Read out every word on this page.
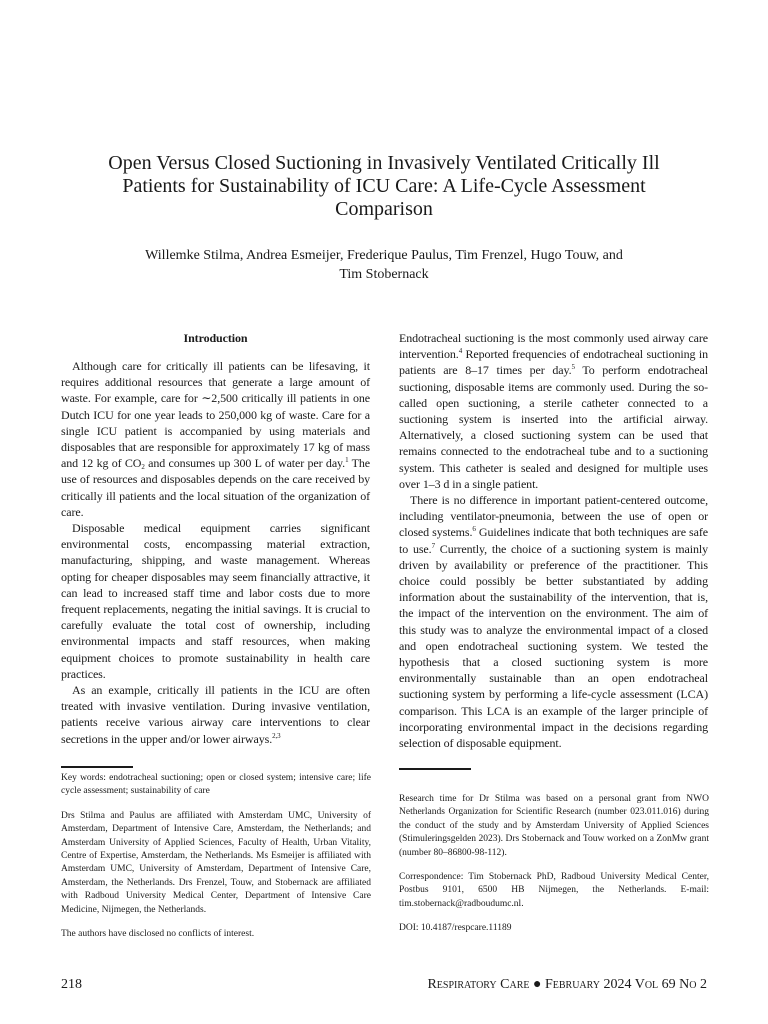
Open Versus Closed Suctioning in Invasively Ventilated Critically Ill
Patients for Sustainability of ICU Care: A Life-Cycle Assessment
Comparison
Willemke Stilma, Andrea Esmeijer, Frederique Paulus, Tim Frenzel, Hugo Touw, and
Tim Stobernack
Introduction

Although care for critically ill patients can be lifesaving, it requires additional resources that generate a large amount of waste. For example, care for ∼2,500 critically ill patients in one Dutch ICU for one year leads to 250,000 kg of waste. Care for a single ICU patient is accompanied by using materials and disposables that are responsible for approximately 17 kg of mass and 12 kg of $CO_2$ and consumes up 300 L of water per day.$^1$ The use of resources and disposables depends on the care received by critically ill patients and the local situation of the organization of care.

Disposable medical equipment carries significant environmental costs, encompassing material extraction, manufacturing, shipping, and waste management. Whereas opting for cheaper disposables may seem financially attractive, it can lead to increased staff time and labor costs due to more frequent replacements, negating the initial savings. It is crucial to carefully evaluate the total cost of ownership, including environmental impacts and staff resources, when making equipment choices to promote sustainability in health care practices.

As an example, critically ill patients in the ICU are often treated with invasive ventilation. During invasive ventilation, patients receive various airway care interventions to clear secretions in the upper and/or lower airways.$^{2,3}$

Endotracheal suctioning is the most commonly used airway care intervention.$^4$ Reported frequencies of endotracheal suctioning in patients are 8–17 times per day.$^5$ To perform endotracheal suctioning, disposable items are commonly used. During the so-called open suctioning, a sterile catheter connected to a suctioning system is inserted into the artificial airway. Alternatively, a closed suctioning system can be used that remains connected to the endotracheal tube and to a suctioning system. This catheter is sealed and designed for multiple uses over 1–3 d in a single patient.

There is no difference in important patient-centered outcome, including ventilator-pneumonia, between the use of open or closed systems.$^6$ Guidelines indicate that both techniques are safe to use.$^7$ Currently, the choice of a suctioning system is mainly driven by availability or preference of the practitioner. This choice could possibly be better substantiated by adding information about the sustainability of the intervention, that is, the impact of the intervention on the environment. The aim of this study was to analyze the environmental impact of a closed and open endotracheal suctioning system. We tested the hypothesis that a closed suctioning system is more environmentally sustainable than an open endotracheal suctioning system by performing a life-cycle assessment (LCA) comparison. This LCA is an example of the larger principle of incorporating environmental impact in the decisions regarding selection of disposable equipment.

Key words: endotracheal suctioning; open or closed system; intensive care; life cycle assessment; sustainability of care

Drs Stilma and Paulus are affiliated with Amsterdam UMC, University of Amsterdam, Department of Intensive Care, Amsterdam, the Netherlands; and Amsterdam University of Applied Sciences, Faculty of Health, Urban Vitality, Centre of Expertise, Amsterdam, the Netherlands. Ms Esmeijer is affiliated with Amsterdam UMC, University of Amsterdam, Department of Intensive Care, Amsterdam, the Netherlands. Drs Frenzel, Touw, and Stobernack are affiliated with Radboud University Medical Center, Department of Intensive Care Medicine, Nijmegen, the Netherlands.

The authors have disclosed no conflicts of interest.

Research time for Dr Stilma was based on a personal grant from NWO Netherlands Organization for Scientific Research (number 023.011.016) during the conduct of the study and by Amsterdam University of Applied Sciences (Stimuleringsgelden 2023). Drs Stobernack and Touw worked on a ZonMw grant (number 80–86800-98-112).

Correspondence: Tim Stobernack PhD, Radboud University Medical Center, Postbus 9101, 6500 HB Nijmegen, the Netherlands. E-mail: tim.stobernack@radboudumc.nl.

DOI: 10.4187/respcare.11189

218	Respiratory Care ● February 2024 Vol 69 No 2
